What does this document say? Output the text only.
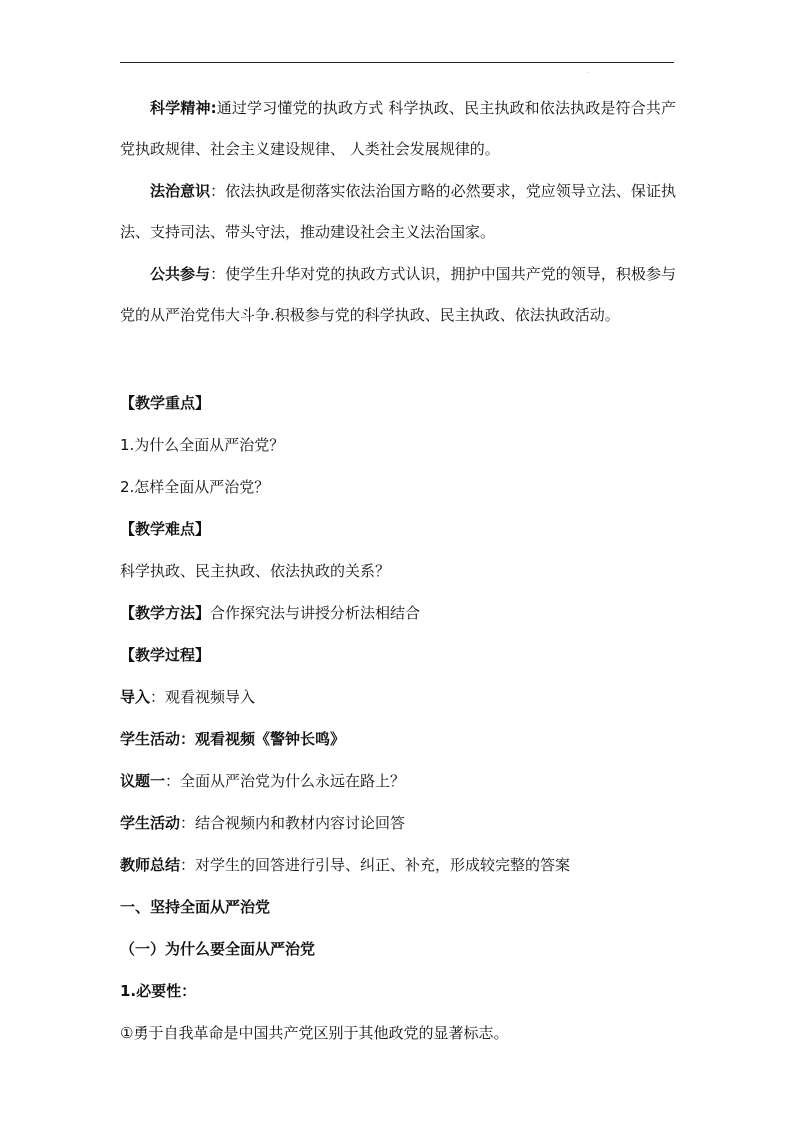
·

科学精神:通过学习懂党的执政方式 科学执政、民主执政和依法执政是符合共产党执政规律、社会主义建设规律、 人类社会发展规律的。

法治意识：依法执政是彻落实依法治国方略的必然要求，党应领导立法、保证执法、支持司法、带头守法，推动建设社会主义法治国家。

公共参与：使学生升华对党的执政方式认识，拥护中国共产党的领导，积极参与党的从严治党伟大斗争.积极参与党的科学执政、民主执政、依法执政活动。

【教学重点】

1.为什么全面从严治党？

2.怎样全面从严治党？

【教学难点】

科学执政、民主执政、依法执政的关系？

【教学方法】合作探究法与讲授分析法相结合

【教学过程】

导入：观看视频导入

学生活动：观看视频《警钟长鸣》

议题一：全面从严治党为什么永远在路上？

学生活动：结合视频内和教材内容讨论回答

教师总结：对学生的回答进行引导、纠正、补充，形成较完整的答案

一、坚持全面从严治党

（一）为什么要全面从严治党

1.必要性：

①勇于自我革命是中国共产党区别于其他政党的显著标志。
